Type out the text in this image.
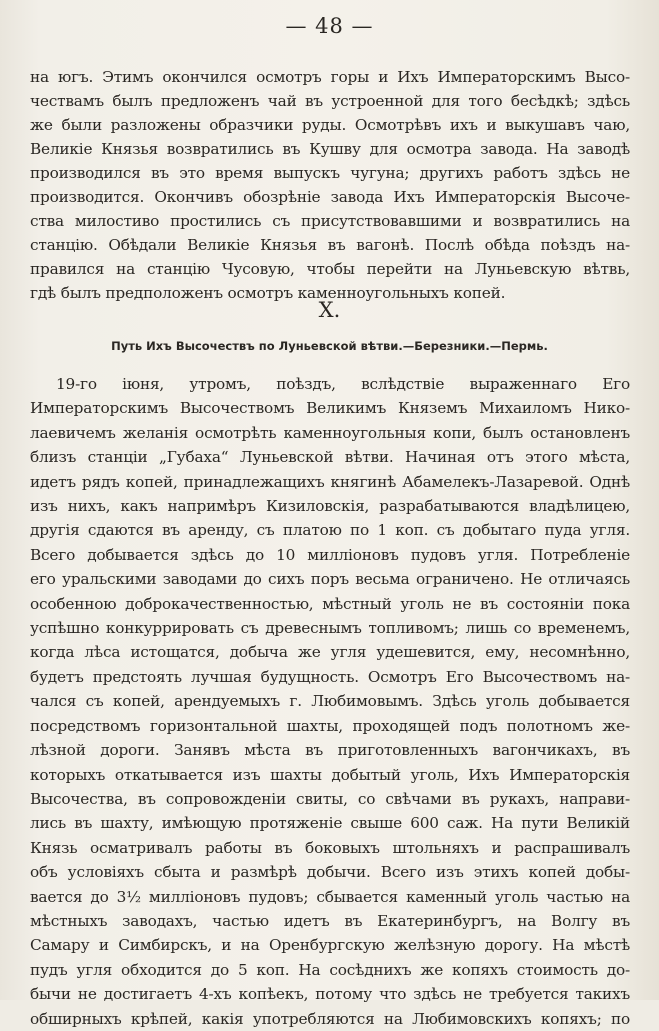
— 48 —
на югъ. Этимъ окончился осмотръ горы и Ихъ Императорскимъ Высо-
чествамъ былъ предложенъ чай въ устроенной для того бесѣдкѣ; здѣсь
же были разложены образчики руды. Осмотрѣвъ ихъ и выкушавъ чаю,
Великіе Князья возвратились въ Кушву для осмотра завода. На заводѣ
производился въ это время выпускъ чугуна; другихъ работъ здѣсь не
производится. Окончивъ обозрѣніе завода Ихъ Императорскія Высоче-
ства милостиво простились съ присутствовавшими и возвратились на
станцію. Обѣдали Великіе Князья въ вагонѣ. Послѣ обѣда поѣздъ на-
правился на станцію Чусовую, чтобы перейти на Луньевскую вѣтвь,
гдѣ былъ предположенъ осмотръ каменноугольныхъ копей.
X.
Путь Ихъ Высочествъ по Луньевской вѣтви.—Березники.—Пермь.
19-го іюня, утромъ, поѣздъ, вслѣдствіе выраженнаго Его
Императорскимъ Высочествомъ Великимъ Княземъ Михаиломъ Нико-
лаевичемъ желанія осмотрѣть каменноугольныя копи, былъ остановленъ
близъ станціи „Губаха“ Луньевской вѣтви. Начиная отъ этого мѣста,
идетъ рядъ копей, принадлежащихъ княгинѣ Абамелекъ-Лазаревой. Однѣ
изъ нихъ, какъ напримѣръ Кизиловскія, разрабатываются владѣлицею,
другія сдаются въ аренду, съ платою по 1 коп. съ добытаго пуда угля.
Всего добывается здѣсь до 10 милліоновъ пудовъ угля. Потребленіе
его уральскими заводами до сихъ поръ весьма ограничено. Не отличаясь
особенною доброкачественностью, мѣстный уголь не въ состояніи пока
успѣшно конкуррировать съ древеснымъ топливомъ; лишь со временемъ,
когда лѣса истощатся, добыча же угля удешевится, ему, несомнѣнно,
будетъ предстоять лучшая будущность. Осмотръ Его Высочествомъ на-
чался съ копей, арендуемыхъ г. Любимовымъ. Здѣсь уголь добывается
посредствомъ горизонтальной шахты, проходящей подъ полотномъ же-
лѣзной дороги. Занявъ мѣста въ приготовленныхъ вагончикахъ, въ
которыхъ откатывается изъ шахты добытый уголь, Ихъ Императорскія
Высочества, въ сопровожденіи свиты, со свѣчами въ рукахъ, направи-
лись въ шахту, имѣющую протяженіе свыше 600 саж. На пути Великій
Князь осматривалъ работы въ боковыхъ штольняхъ и распрашивалъ
объ условіяхъ сбыта и размѣрѣ добычи. Всего изъ этихъ копей добы-
вается до 3½ милліоновъ пудовъ; сбывается каменный уголь частью на
мѣстныхъ заводахъ, частью идетъ въ Екатеринбургъ, на Волгу въ
Самару и Симбирскъ, и на Оренбургскую желѣзную дорогу. На мѣстѣ
пудъ угля обходится до 5 коп. На сосѣднихъ же копяхъ стоимость до-
бычи не достигаетъ 4-хъ копѣекъ, потому что здѣсь не требуется такихъ
обширныхъ крѣпей, какія употребляются на Любимовскихъ копяхъ; по
